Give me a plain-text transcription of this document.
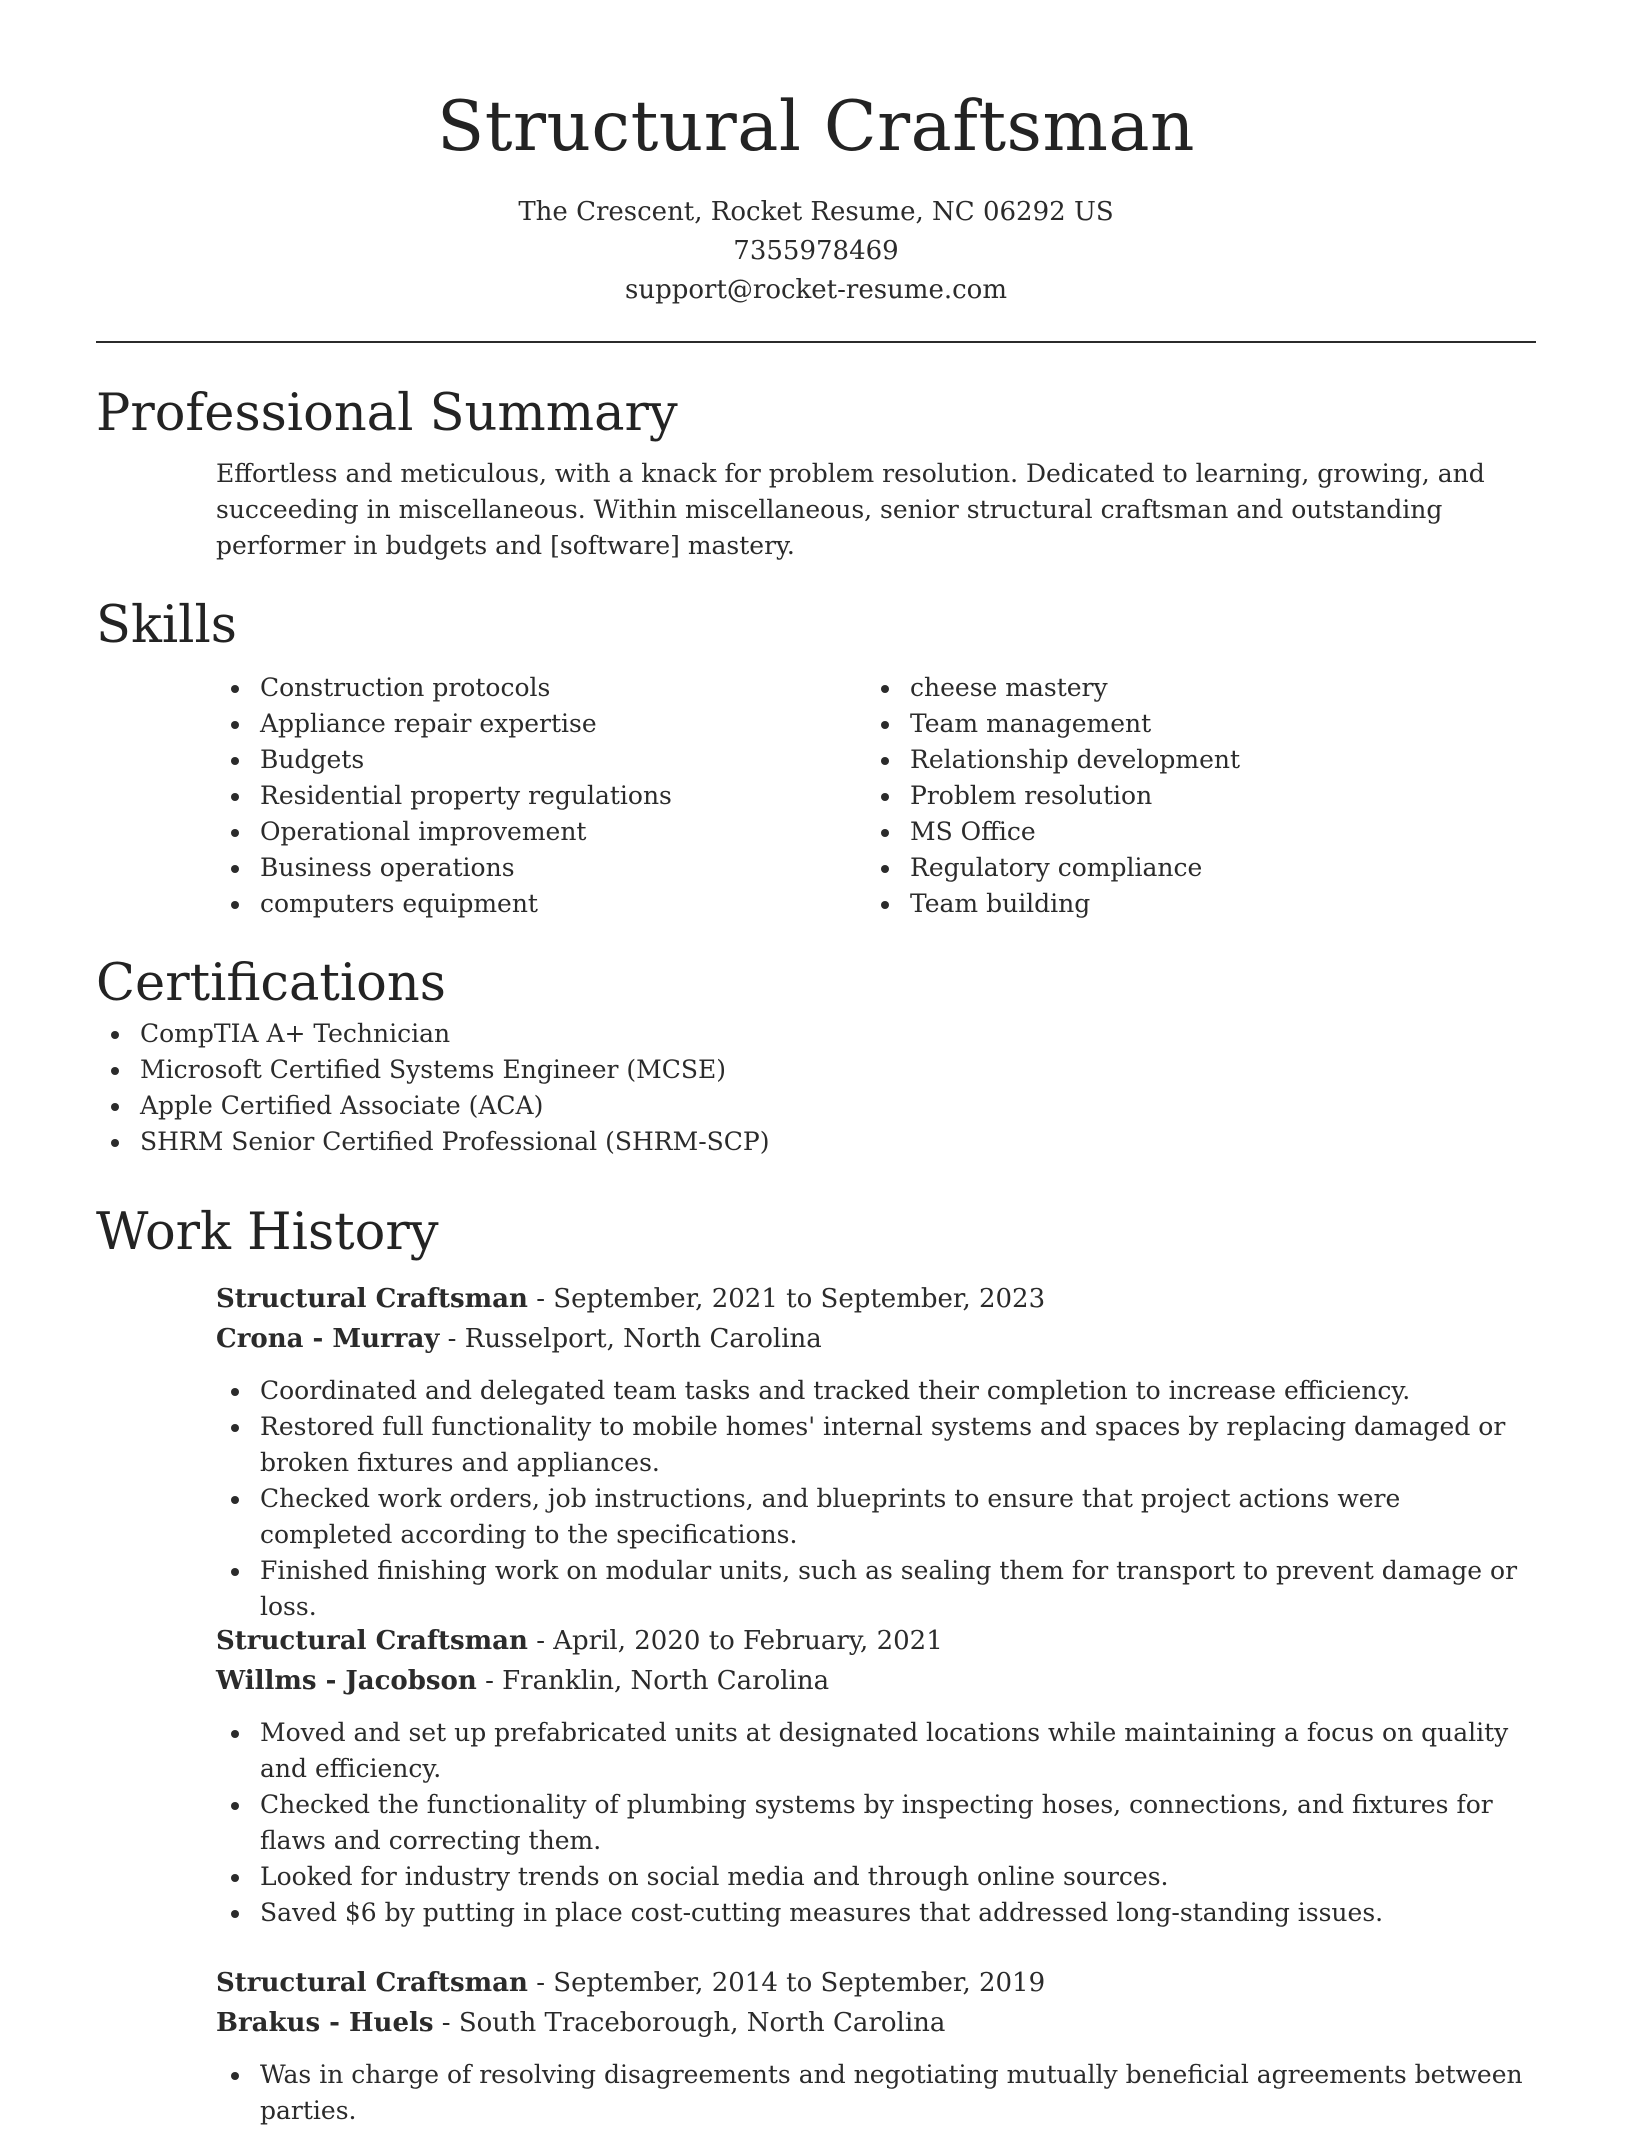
Structural Craftsman

The Crescent, Rocket Resume, NC 06292 US

7355978469

support@rocket-resume.com

Professional Summary

Effortless and meticulous, with a knack for problem resolution. Dedicated to learning, growing, and succeeding in miscellaneous. Within miscellaneous, senior structural craftsman and outstanding performer in budgets and [software] mastery.

Skills
Construction protocols
Appliance repair expertise
Budgets
Residential property regulations
Operational improvement
Business operations
computers equipment
cheese mastery
Team management
Relationship development
Problem resolution
MS Office
Regulatory compliance
Team building
Certifications
CompTIA A+ Technician
Microsoft Certified Systems Engineer (MCSE)
Apple Certified Associate (ACA)
SHRM Senior Certified Professional (SHRM-SCP)
Work History

Structural Craftsman - September, 2021 to September, 2023

Crona - Murray - Russelport, North Carolina

Coordinated and delegated team tasks and tracked their completion to increase efficiency.
Restored full functionality to mobile homes' internal systems and spaces by replacing damaged or broken fixtures and appliances.
Checked work orders, job instructions, and blueprints to ensure that project actions were completed according to the specifications.
Finished finishing work on modular units, such as sealing them for transport to prevent damage or loss.

Structural Craftsman - April, 2020 to February, 2021

Willms - Jacobson - Franklin, North Carolina

Moved and set up prefabricated units at designated locations while maintaining a focus on quality and efficiency.
Checked the functionality of plumbing systems by inspecting hoses, connections, and fixtures for flaws and correcting them.
Looked for industry trends on social media and through online sources.
Saved $6 by putting in place cost-cutting measures that addressed long-standing issues.

Structural Craftsman - September, 2014 to September, 2019

Brakus - Huels - South Traceborough, North Carolina

Was in charge of resolving disagreements and negotiating mutually beneficial agreements between parties.
